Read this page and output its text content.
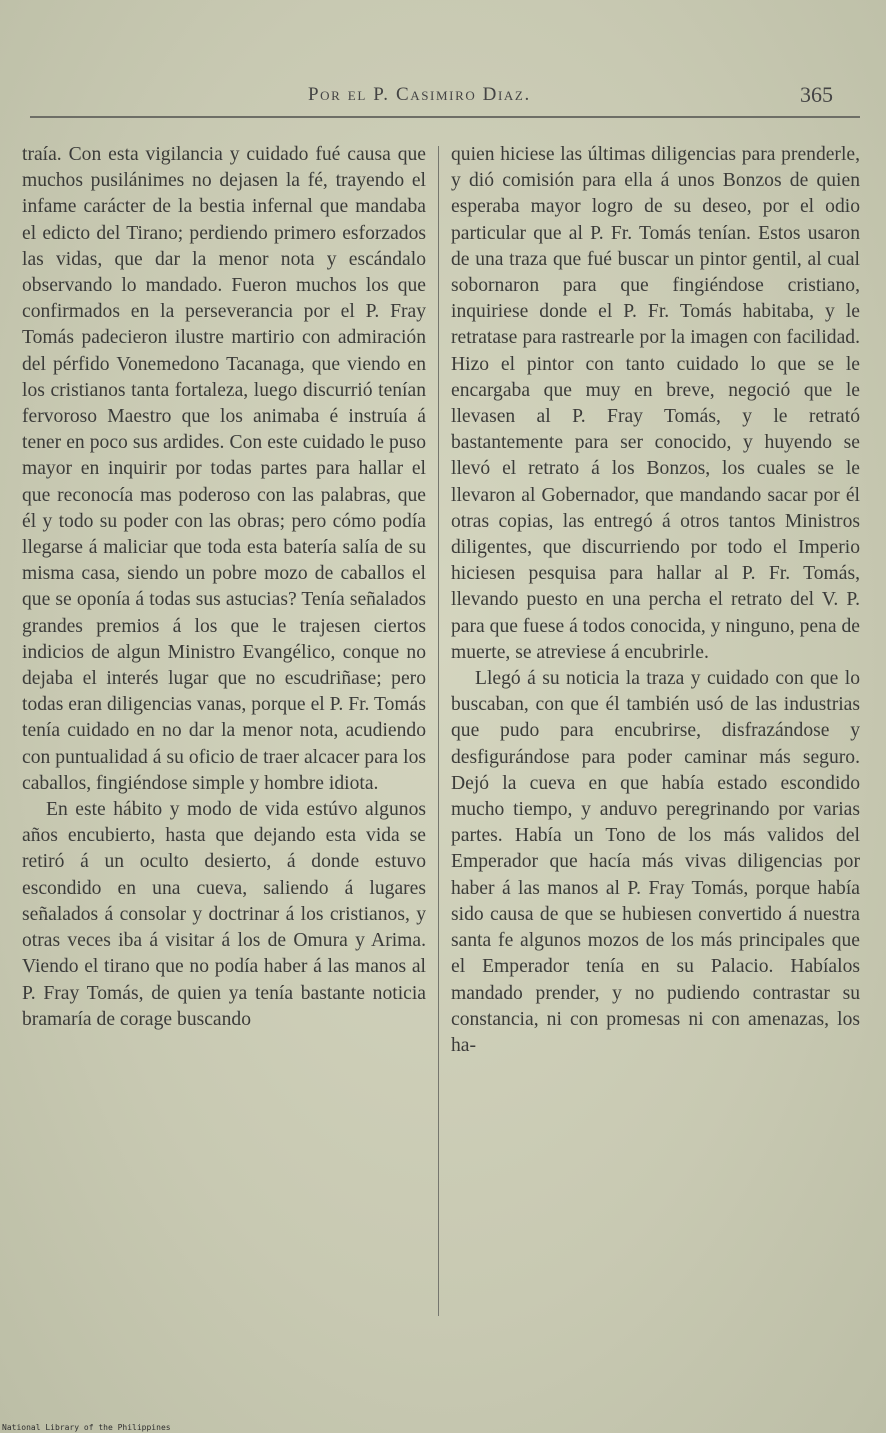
Por el P. Casimiro Diaz.	365

traía. Con esta vigilancia y cuidado fué causa que muchos pusilánimes no dejasen la fé, trayendo el infame carácter de la bestia infernal que mandaba el edicto del Tirano; perdiendo primero esforzados las vidas, que dar la menor nota y escándalo observando lo mandado. Fueron muchos los que confirmados en la perseverancia por el P. Fray Tomás padecieron ilustre martirio con admiración del pérfido Vonemedono Tacanaga, que viendo en los cristianos tanta fortaleza, luego discurrió tenían fervoroso Maestro que los animaba é instruía á tener en poco sus ardides. Con este cuidado le puso mayor en inquirir por todas partes para hallar el que reconocía mas poderoso con las palabras, que él y todo su poder con las obras; pero cómo podía llegarse á maliciar que toda esta batería salía de su misma casa, siendo un pobre mozo de caballos el que se oponía á todas sus astucias? Tenía señalados grandes premios á los que le trajesen ciertos indicios de algun Ministro Evangélico, conque no dejaba el interés lugar que no escudriñase; pero todas eran diligencias vanas, porque el P. Fr. Tomás tenía cuidado en no dar la menor nota, acudiendo con puntualidad á su oficio de traer alcacer para los caballos, fingiéndose simple y hombre idiota.

En este hábito y modo de vida estúvo algunos años encubierto, hasta que dejando esta vida se retiró á un oculto desierto, á donde estuvo escondido en una cueva, saliendo á lugares señalados á consolar y doctrinar á los cristianos, y otras veces iba á visitar á los de Omura y Arima. Viendo el tirano que no podía haber á las manos al P. Fray Tomás, de quien ya tenía bastante noticia bramaría de corage buscando

quien hiciese las últimas diligencias para prenderle, y dió comisión para ella á unos Bonzos de quien esperaba mayor logro de su deseo, por el odio particular que al P. Fr. Tomás tenían. Estos usaron de una traza que fué buscar un pintor gentil, al cual sobornaron para que fingiéndose cristiano, inquiriese donde el P. Fr. Tomás habitaba, y le retratase para rastrearle por la imagen con facilidad. Hizo el pintor con tanto cuidado lo que se le encargaba que muy en breve, negoció que le llevasen al P. Fray Tomás, y le retrató bastantemente para ser conocido, y huyendo se llevó el retrato á los Bonzos, los cuales se le llevaron al Gobernador, que mandando sacar por él otras copias, las entregó á otros tantos Ministros diligentes, que discurriendo por todo el Imperio hiciesen pesquisa para hallar al P. Fr. Tomás, llevando puesto en una percha el retrato del V. P. para que fuese á todos conocida, y ninguno, pena de muerte, se atreviese á encubrirle.

Llegó á su noticia la traza y cuidado con que lo buscaban, con que él también usó de las industrias que pudo para encubrirse, disfrazándose y desfigurándose para poder caminar más seguro. Dejó la cueva en que había estado escondido mucho tiempo, y anduvo peregrinando por varias partes. Había un Tono de los más validos del Emperador que hacía más vivas diligencias por haber á las manos al P. Fray Tomás, porque había sido causa de que se hubiesen convertido á nuestra santa fe algunos mozos de los más principales que el Emperador tenía en su Palacio. Habíalos mandado prender, y no pudiendo contrastar su constancia, ni con promesas ni con amenazas, los ha-

National Library of the Philippines
